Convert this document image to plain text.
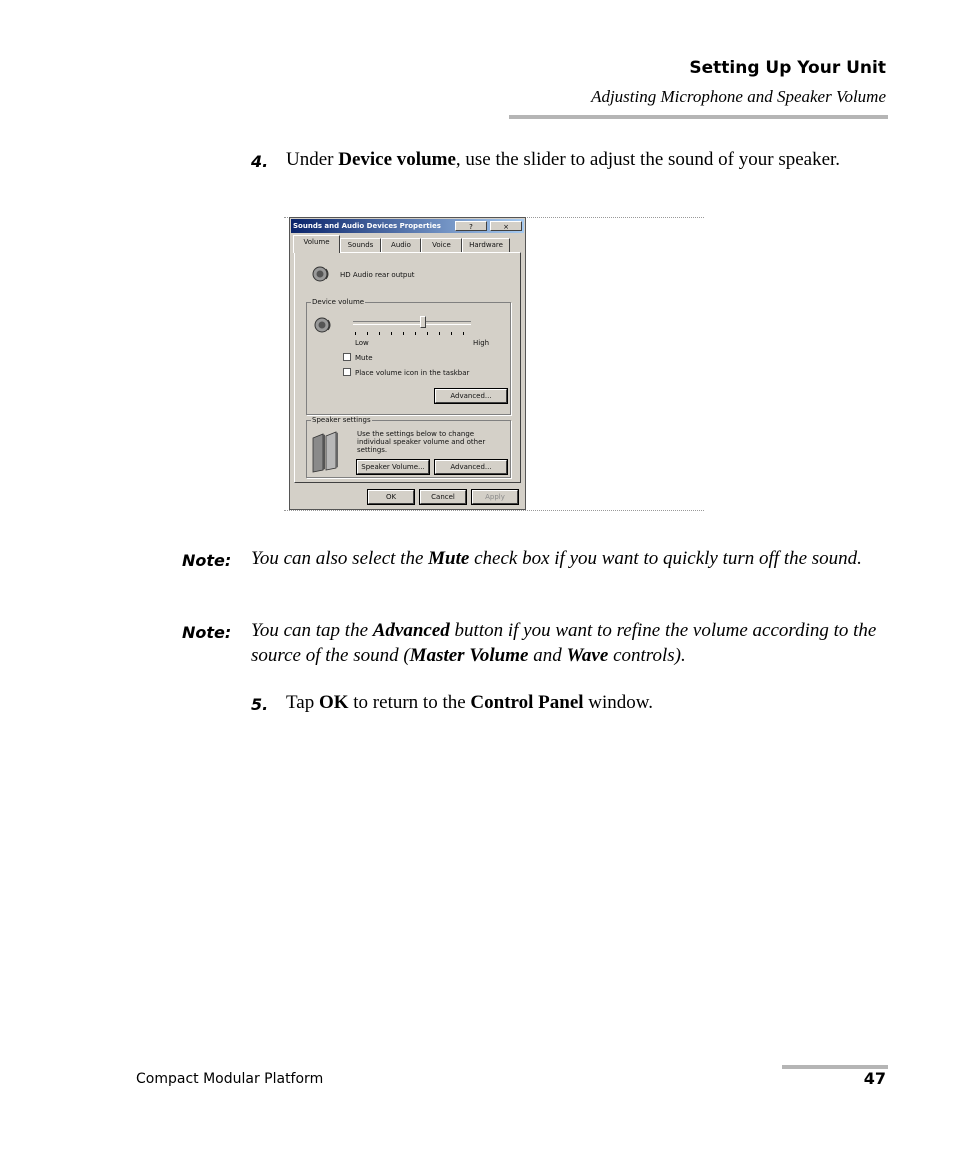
Setting Up Your Unit
Adjusting Microphone and Speaker Volume
4. Under Device volume, use the slider to adjust the sound of your speaker.
Sounds and Audio Devices Properties	?	×
Volume	Sounds	Audio	Voice	Hardware
HD Audio rear output
Device volume
Low	High
Mute
Place volume icon in the taskbar
Advanced...
Speaker settings
Use the settings below to change individual speaker volume and other settings.
Speaker Volume...	Advanced...
OK	Cancel	Apply
Note: You can also select the Mute check box if you want to quickly turn off the sound.
Note: You can tap the Advanced button if you want to refine the volume according to the source of the sound (Master Volume and Wave controls).
5. Tap OK to return to the Control Panel window.
Compact Modular Platform	47
